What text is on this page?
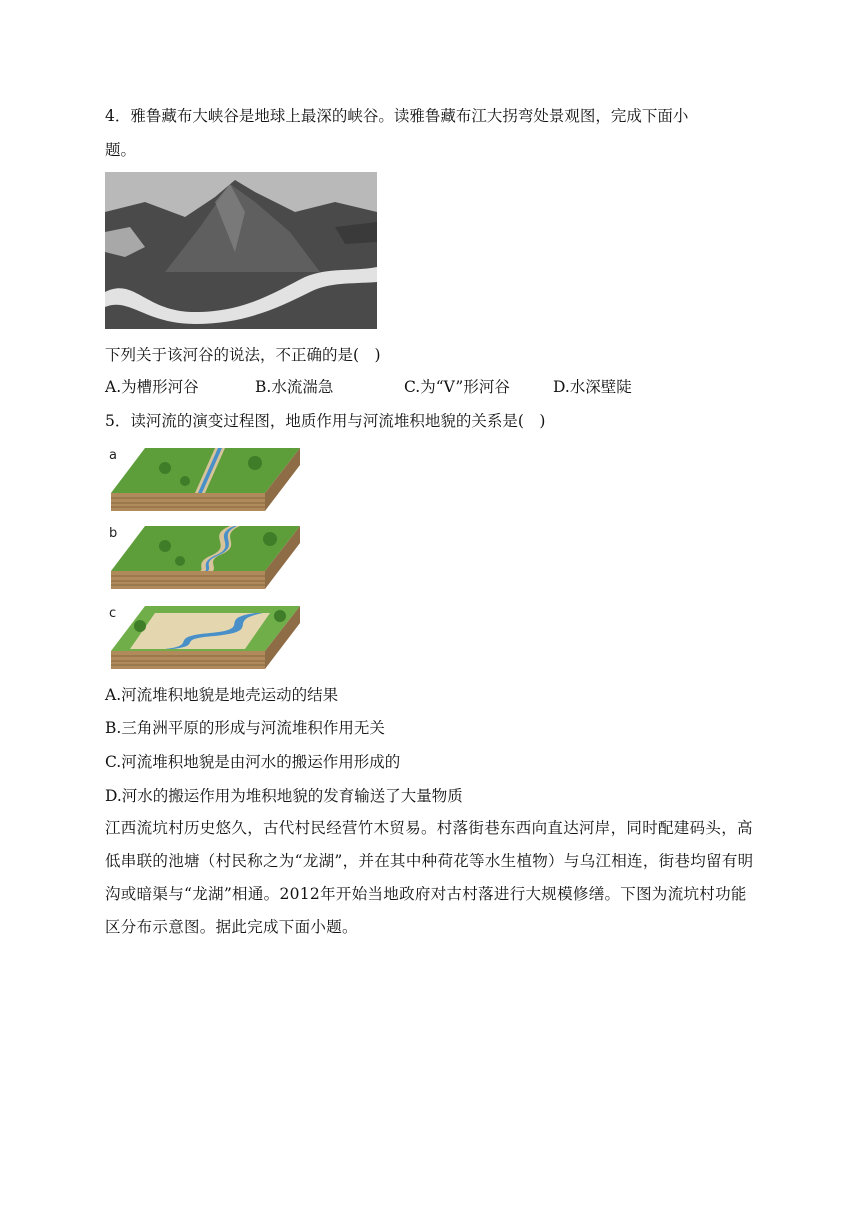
4．雅鲁藏布大峡谷是地球上最深的峡谷。读雅鲁藏布江大拐弯处景观图，完成下面小
题。
下列关于该河谷的说法，不正确的是(　)
A.为槽形河谷	B.水流湍急	C.为“V”形河谷	D.水深壁陡
5．读河流的演变过程图，地质作用与河流堆积地貌的关系是(　)
a
b
c
A.河流堆积地貌是地壳运动的结果
B.三角洲平原的形成与河流堆积作用无关
C.河流堆积地貌是由河水的搬运作用形成的
D.河水的搬运作用为堆积地貌的发育输送了大量物质
江西流坑村历史悠久，古代村民经营竹木贸易。村落街巷东西向直达河岸，同时配建码头，高低串联的池塘（村民称之为“龙湖”，并在其中种荷花等水生植物）与乌江相连，街巷均留有明沟或暗渠与“龙湖”相通。2012年开始当地政府对古村落进行大规模修缮。下图为流坑村功能区分布示意图。据此完成下面小题。
